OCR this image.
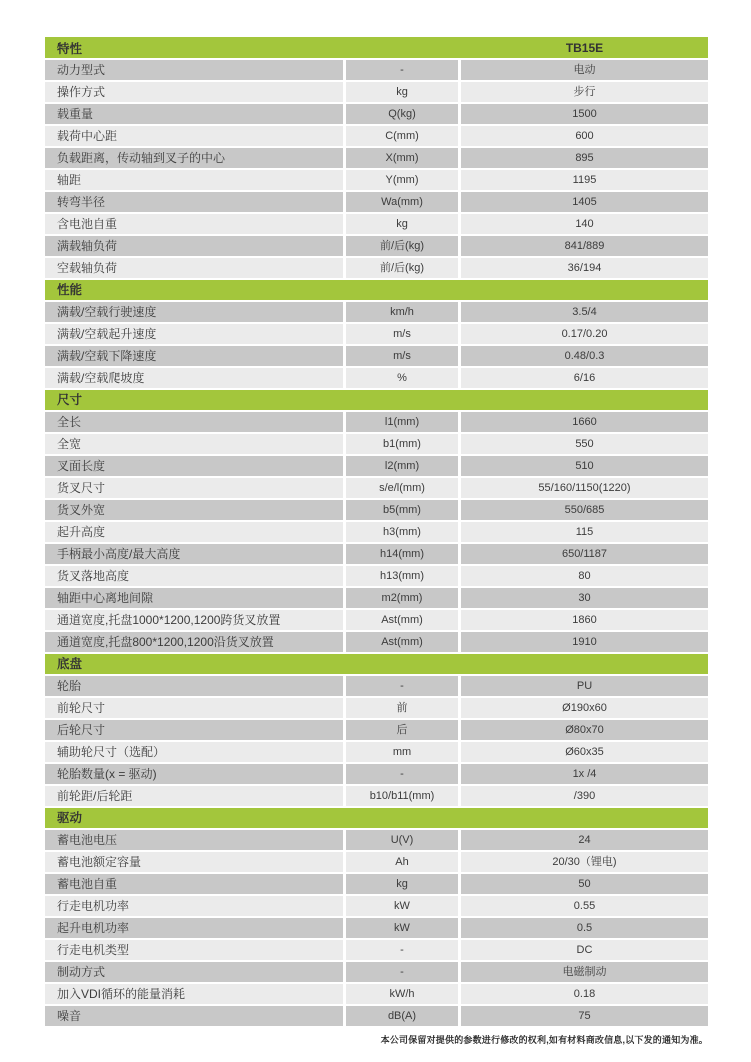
特性	TB15E
动力型式	-	电动
操作方式	kg	步行
载重量	Q(kg)	1500
载荷中心距	C(mm)	600
负载距离，传动轴到叉子的中心	X(mm)	895
轴距	Y(mm)	1195
转弯半径	Wa(mm)	1405
含电池自重	kg	140
满载轴负荷	前/后(kg)	841/889
空载轴负荷	前/后(kg)	36/194
性能
满载/空载行驶速度	km/h	3.5/4
满载/空载起升速度	m/s	0.17/0.20
满载/空载下降速度	m/s	0.48/0.3
满载/空载爬坡度	%	6/16
尺寸
全长	l1(mm)	1660
全宽	b1(mm)	550
叉面长度	l2(mm)	510
货叉尺寸	s/e/l(mm)	55/160/1150(1220)
货叉外宽	b5(mm)	550/685
起升高度	h3(mm)	115
手柄最小高度/最大高度	h14(mm)	650/1187
货叉落地高度	h13(mm)	80
轴距中心离地间隙	m2(mm)	30
通道宽度,托盘1000*1200,1200跨货叉放置	Ast(mm)	1860
通道宽度,托盘800*1200,1200沿货叉放置	Ast(mm)	1910
底盘
轮胎	-	PU
前轮尺寸	前	Ø190x60
后轮尺寸	后	Ø80x70
辅助轮尺寸（选配）	mm	Ø60x35
轮胎数量(x = 驱动)	-	1x /4
前轮距/后轮距	b10/b11(mm)	/390
驱动
蓄电池电压	U(V)	24
蓄电池额定容量	Ah	20/30（锂电)
蓄电池自重	kg	50
行走电机功率	kW	0.55
起升电机功率	kW	0.5
行走电机类型	-	DC
制动方式	-	电磁制动
加入VDI循环的能量消耗	kW/h	0.18
噪音	dB(A)	75
本公司保留对提供的参数进行修改的权利,如有材料商改信息,以下发的通知为准。
